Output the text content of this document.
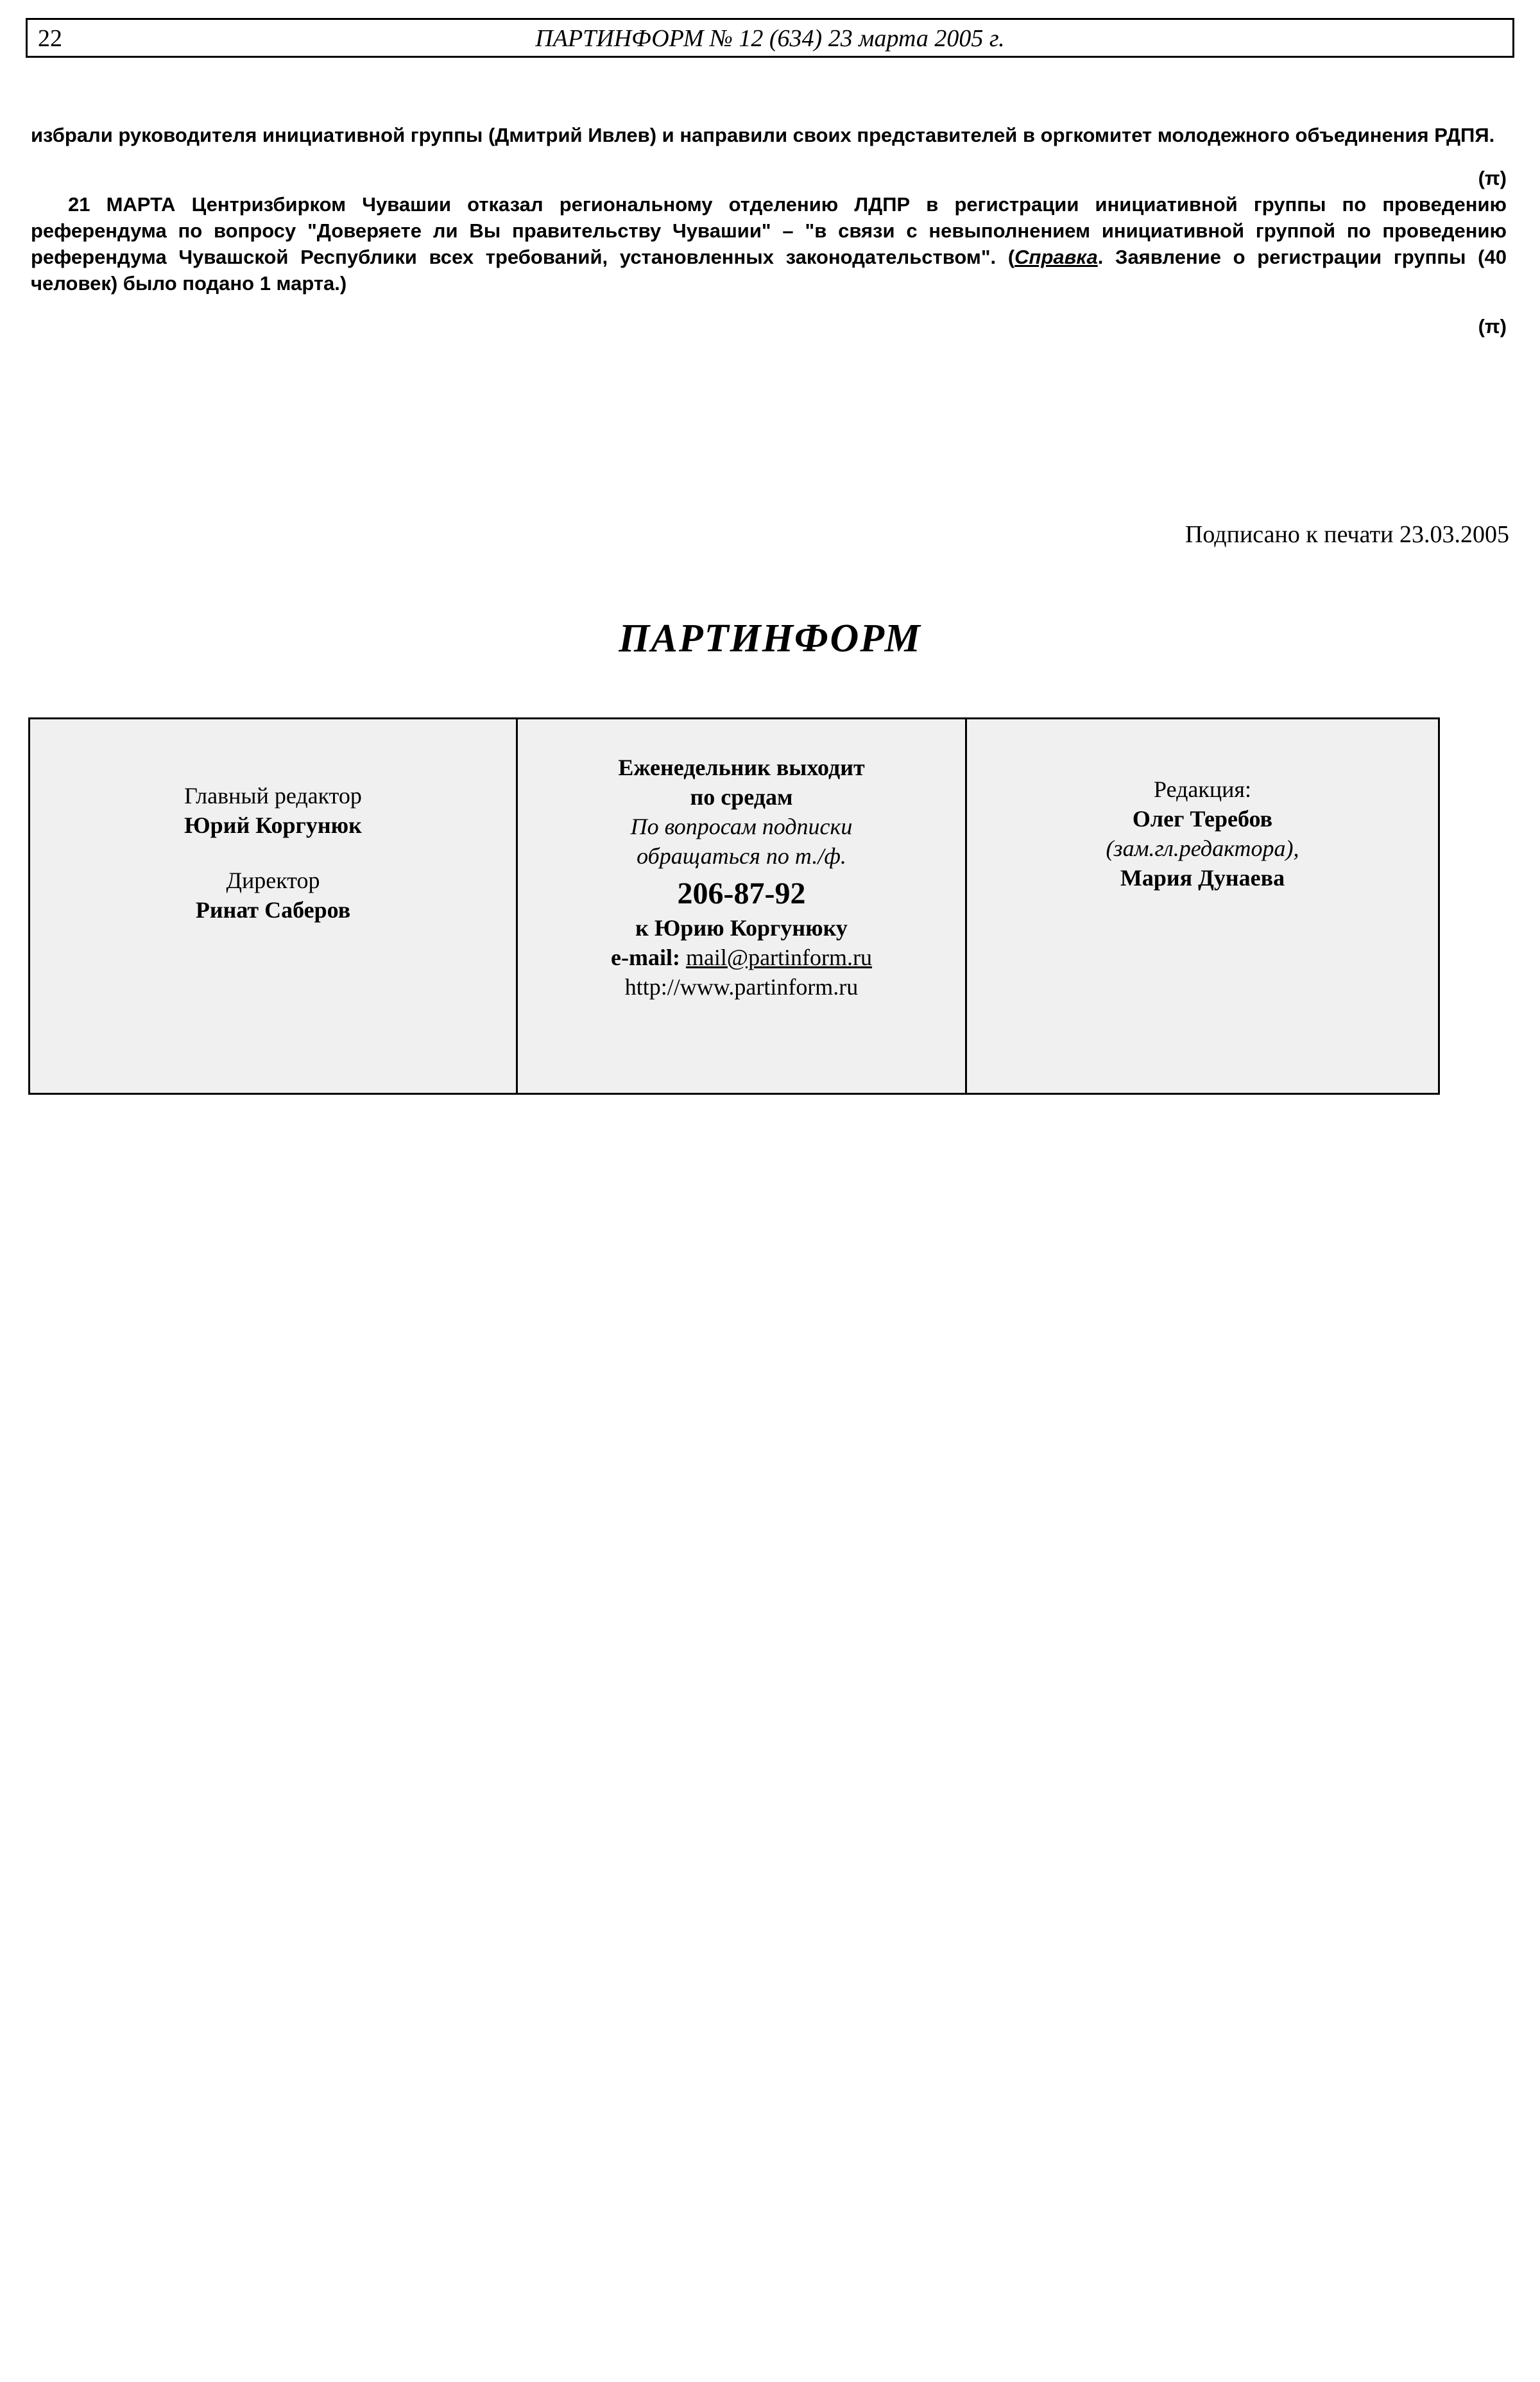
22	ПАРТИНФОРМ № 12 (634) 23 марта 2005 г.

избрали руководителя инициативной группы (Дмитрий Ивлев) и направили своих представителей в оргкомитет молодежного объединения РДПЯ.

(π)

21 МАРТА Центризбирком Чувашии отказал региональному отделению ЛДПР в регистрации инициативной группы по проведению референдума по вопросу "Доверяете ли Вы правительству Чувашии" – "в связи с невыполнением инициативной группой по проведению референдума Чувашской Республики всех требований, установленных законодательством". (Справка. Заявление о регистрации группы (40 человек) было подано 1 марта.)

(π)
Подписано к печати 23.03.2005
ПАРТИНФОРМ
Главный редактор
Юрий Коргунюк
Директор
Ринат Саберов
Еженедельник выходит
по средам
По вопросам подписки
обращаться по т./ф.
206-87-92
к Юрию Коргунюку
e-mail: mail@partinform.ru
http://www.partinform.ru
Редакция:
Олег Теребов
(зам.гл.редактора),
Мария Дунаева
